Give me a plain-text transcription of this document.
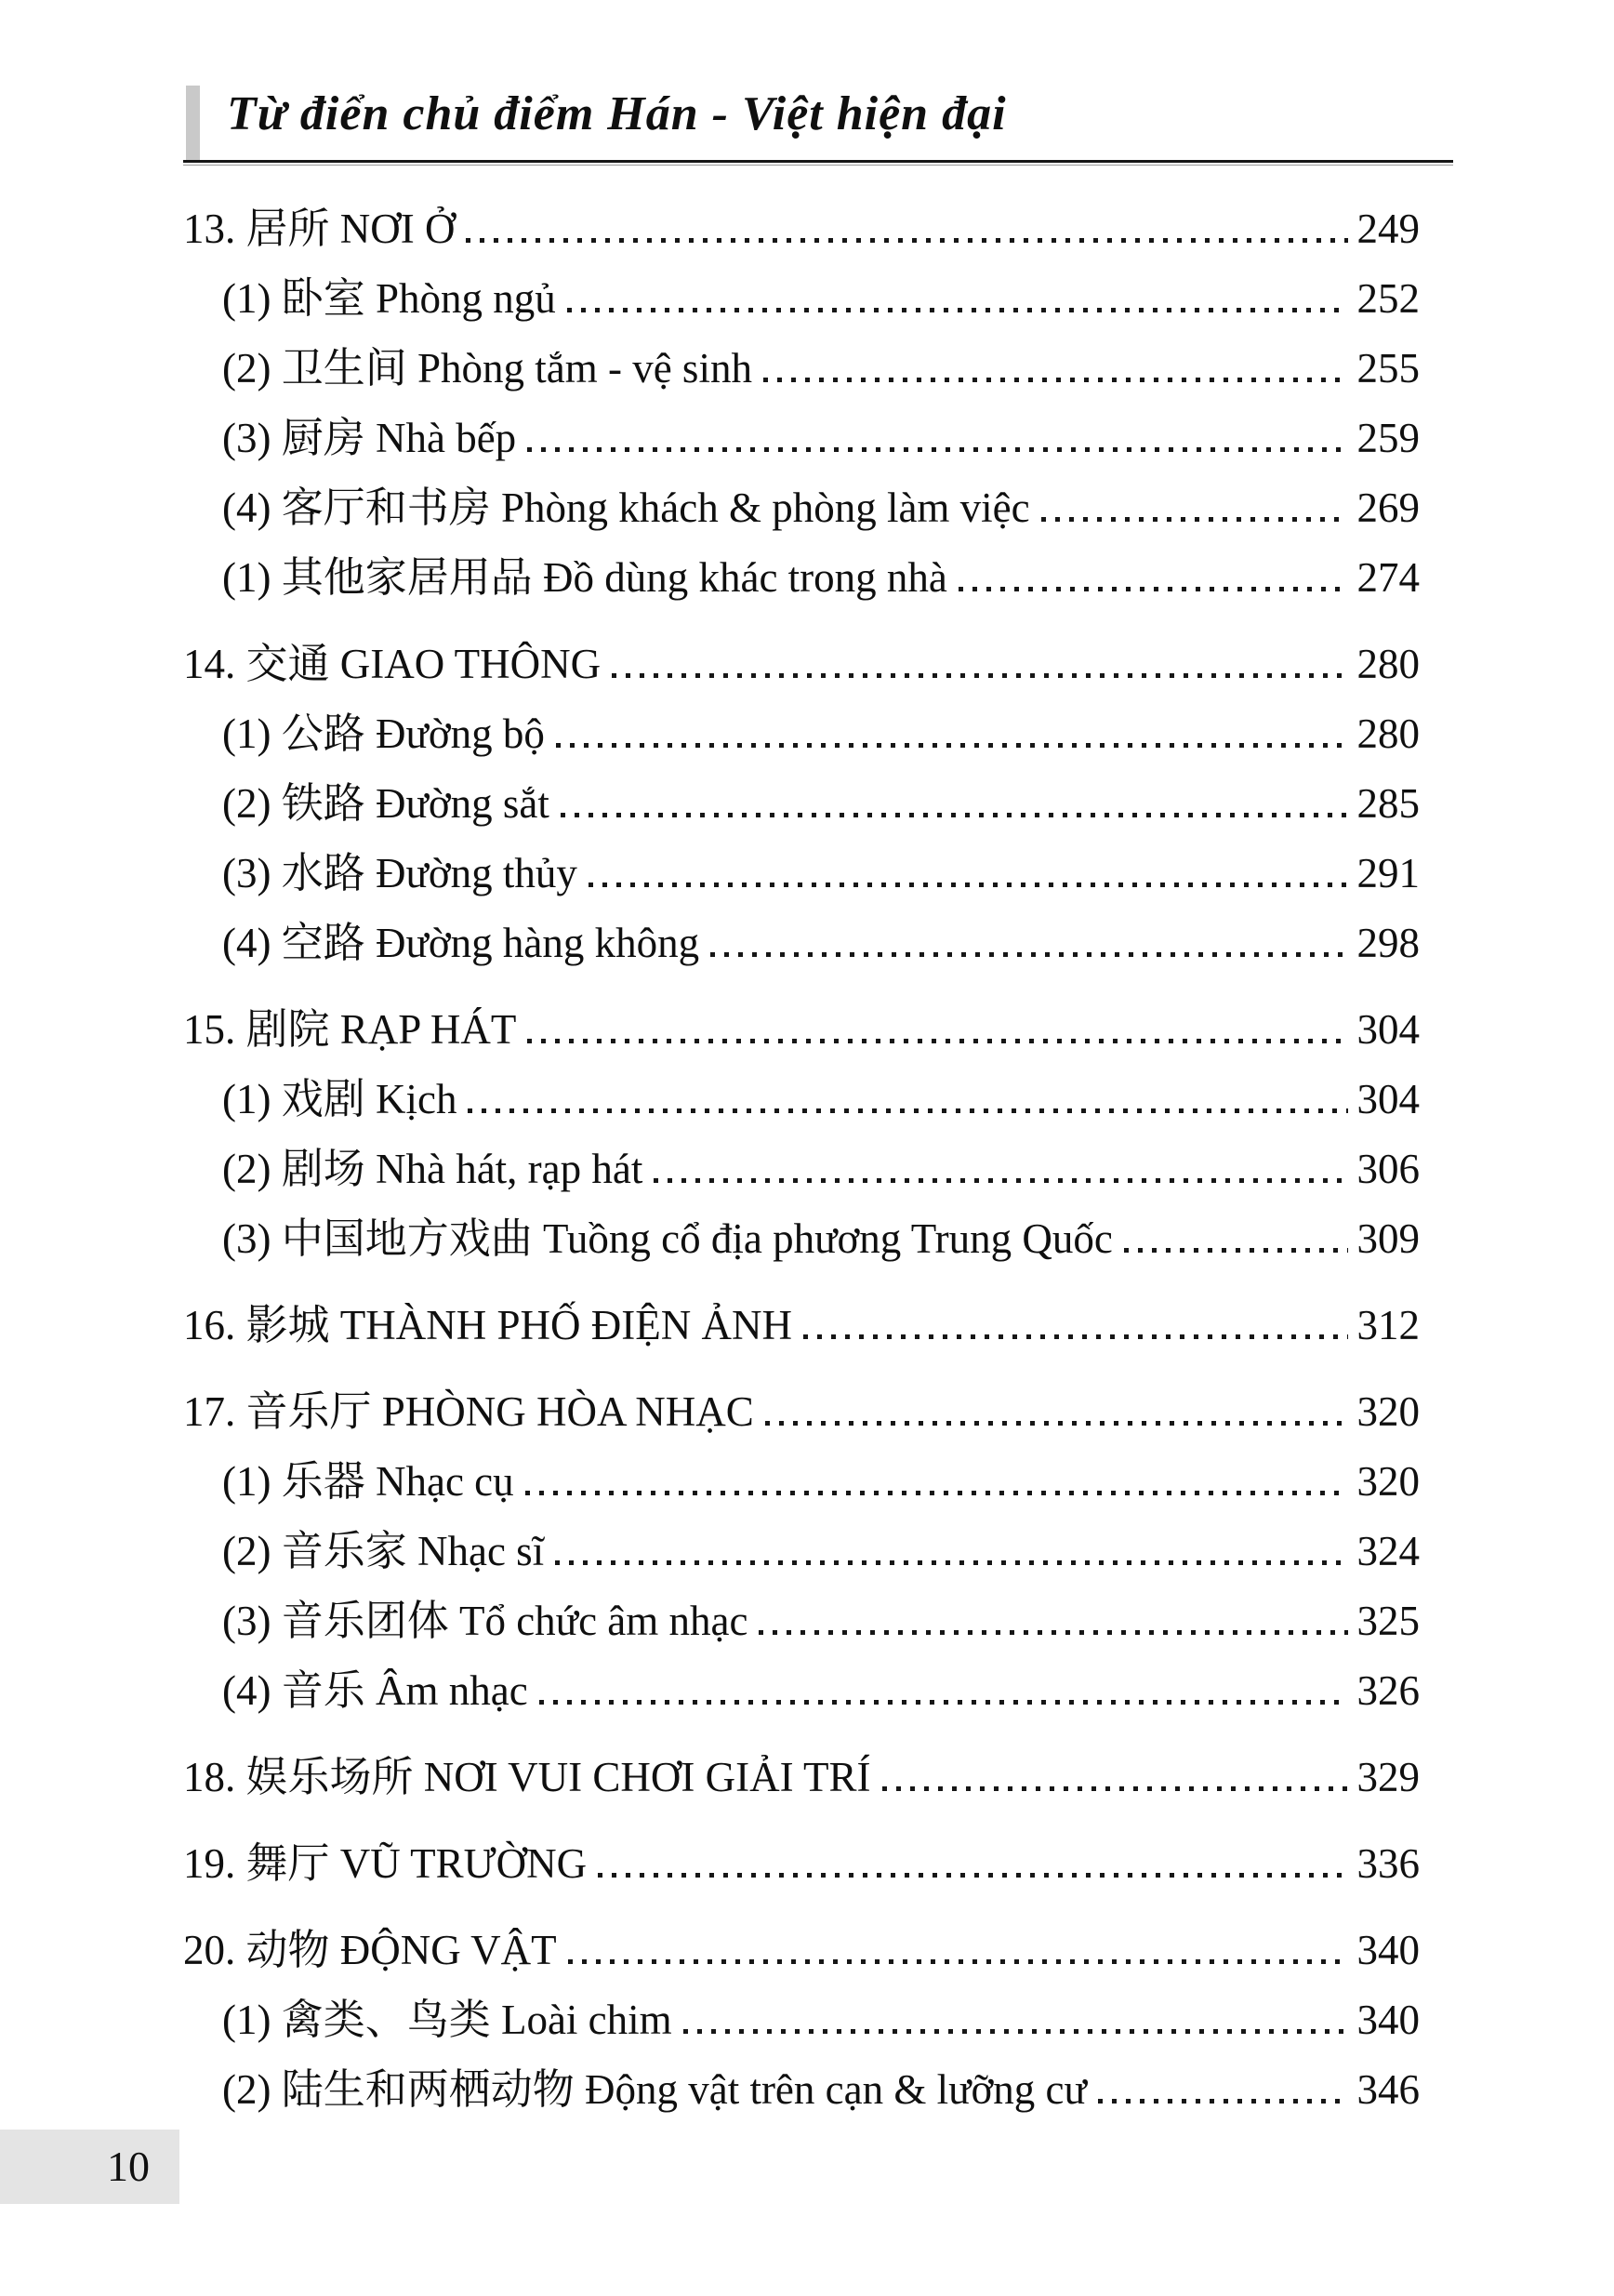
Từ điển chủ điểm Hán - Việt hiện đại
13. 居所 NƠI Ở	249
(1) 卧室 Phòng ngủ	252
(2) 卫生间 Phòng tắm - vệ sinh	255
(3) 厨房 Nhà bếp	259
(4) 客厅和书房 Phòng khách & phòng làm việc	269
(1) 其他家居用品 Đồ dùng khác trong nhà	274
14. 交通 GIAO THÔNG	280
(1) 公路 Đường bộ	280
(2) 铁路 Đường sắt	285
(3) 水路 Đường thủy	291
(4) 空路 Đường hàng không	298
15. 剧院 RẠP HÁT	304
(1) 戏剧 Kịch	304
(2) 剧场 Nhà hát, rạp hát	306
(3) 中国地方戏曲 Tuồng cổ địa phương Trung Quốc	309
16. 影城 THÀNH PHỐ ĐIỆN ẢNH	312
17. 音乐厅 PHÒNG HÒA NHẠC	320
(1) 乐器 Nhạc cụ	320
(2) 音乐家 Nhạc sĩ	324
(3) 音乐团体 Tổ chức âm nhạc	325
(4) 音乐 Âm nhạc	326
18. 娱乐场所 NƠI VUI CHƠI GIẢI TRÍ	329
19. 舞厅 VŨ TRƯỜNG	336
20. 动物 ĐỘNG VẬT	340
(1) 禽类、鸟类 Loài chim	340
(2) 陆生和两栖动物 Động vật trên cạn & lưỡng cư	346
10
